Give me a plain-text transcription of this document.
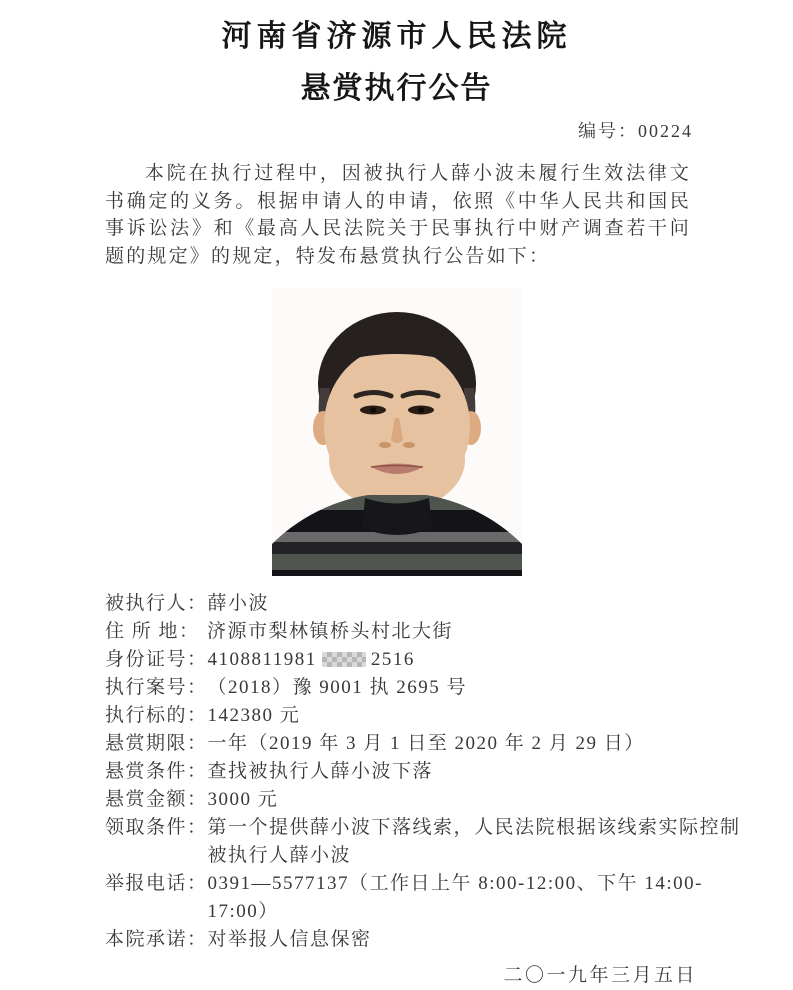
河南省济源市人民法院
悬赏执行公告
编号：00224

本院在执行过程中，因被执行人薛小波未履行生效法律文书确定的义务。根据申请人的申请，依照《中华人民共和国民事诉讼法》和《最高人民法院关于民事执行中财产调查若干问题的规定》的规定，特发布悬赏执行公告如下：

被执行人： 薛小波
住 所 地： 济源市梨林镇桥头村北大街
身份证号： 4108811981	2516
执行案号： （2018）豫 9001 执 2695 号
执行标的： 142380 元
悬赏期限： 一年（2019 年 3 月 1 日至 2020 年 2 月 29 日）
悬赏条件： 查找被执行人薛小波下落
悬赏金额： 3000 元
领取条件： 第一个提供薛小波下落线索，人民法院根据该线索实际控制被执行人薛小波
举报电话： 0391—5577137（工作日上午 8:00-12:00、下午 14:00-17:00）
本院承诺： 对举报人信息保密
二〇一九年三月五日
